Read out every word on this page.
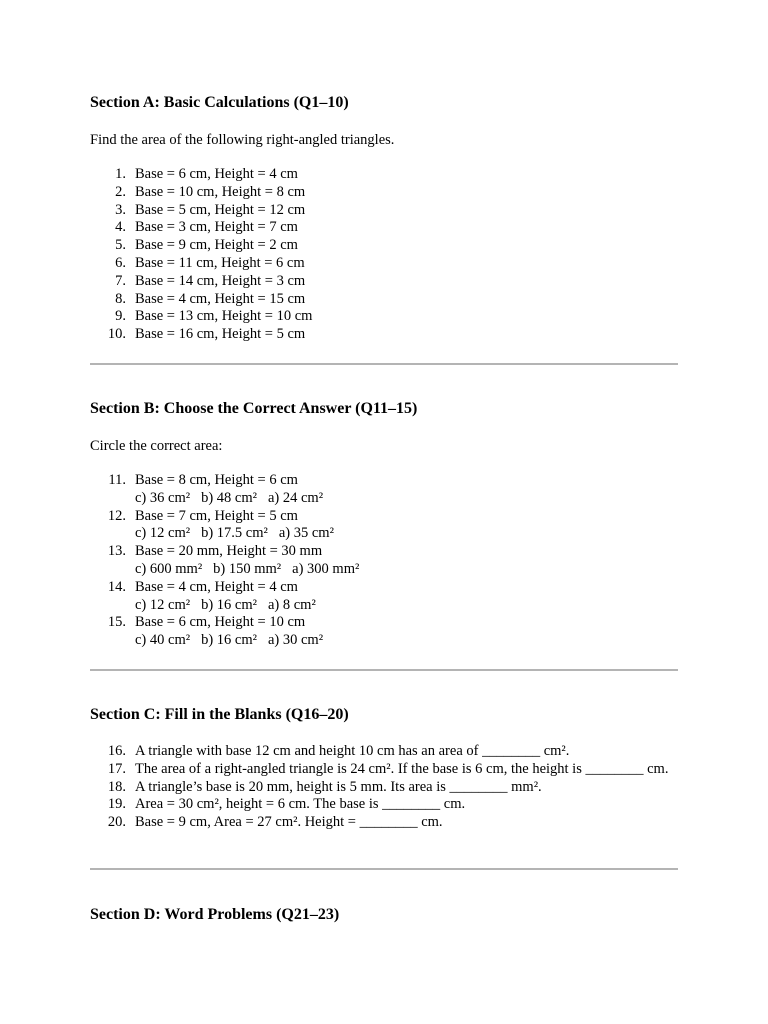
Section A: Basic Calculations (Q1–10)
Find the area of the following right-angled triangles.
1. Base = 6 cm, Height = 4 cm
2. Base = 10 cm, Height = 8 cm
3. Base = 5 cm, Height = 12 cm
4. Base = 3 cm, Height = 7 cm
5. Base = 9 cm, Height = 2 cm
6. Base = 11 cm, Height = 6 cm
7. Base = 14 cm, Height = 3 cm
8. Base = 4 cm, Height = 15 cm
9. Base = 13 cm, Height = 10 cm
10. Base = 16 cm, Height = 5 cm
Section B: Choose the Correct Answer (Q11–15)
Circle the correct area:
11. Base = 8 cm, Height = 6 cm
c) 36 cm² b) 48 cm² a) 24 cm²
12. Base = 7 cm, Height = 5 cm
c) 12 cm² b) 17.5 cm² a) 35 cm²
13. Base = 20 mm, Height = 30 mm
c) 600 mm² b) 150 mm² a) 300 mm²
14. Base = 4 cm, Height = 4 cm
c) 12 cm² b) 16 cm² a) 8 cm²
15. Base = 6 cm, Height = 10 cm
c) 40 cm² b) 16 cm² a) 30 cm²
Section C: Fill in the Blanks (Q16–20)
16. A triangle with base 12 cm and height 10 cm has an area of ________ cm².
17. The area of a right-angled triangle is 24 cm². If the base is 6 cm, the height is ________ cm.
18. A triangle’s base is 20 mm, height is 5 mm. Its area is ________ mm².
19. Area = 30 cm², height = 6 cm. The base is ________ cm.
20. Base = 9 cm, Area = 27 cm². Height = ________ cm.
Section D: Word Problems (Q21–23)
